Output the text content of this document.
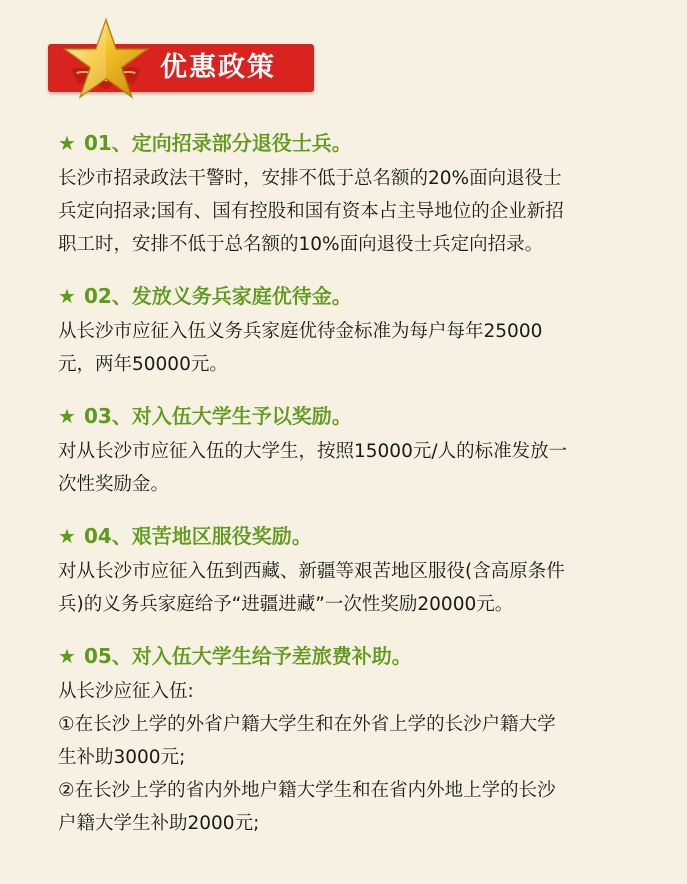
优惠政策
★ 01、定向招录部分退役士兵。
长沙市招录政法干警时，安排不低于总名额的20%面向退役士
兵定向招录;国有、国有控股和国有资本占主导地位的企业新招
职工时，安排不低于总名额的10%面向退役士兵定向招录。
★ 02、发放义务兵家庭优待金。
从长沙市应征入伍义务兵家庭优待金标准为每户每年25000
元，两年50000元。
★ 03、对入伍大学生予以奖励。
对从长沙市应征入伍的大学生，按照15000元/人的标准发放一
次性奖励金。
★ 04、艰苦地区服役奖励。
对从长沙市应征入伍到西藏、新疆等艰苦地区服役(含高原条件
兵)的义务兵家庭给予“进疆进藏”一次性奖励20000元。
★ 05、对入伍大学生给予差旅费补助。
从长沙应征入伍:
①在长沙上学的外省户籍大学生和在外省上学的长沙户籍大学
生补助3000元;
②在长沙上学的省内外地户籍大学生和在省内外地上学的长沙
户籍大学生补助2000元;
